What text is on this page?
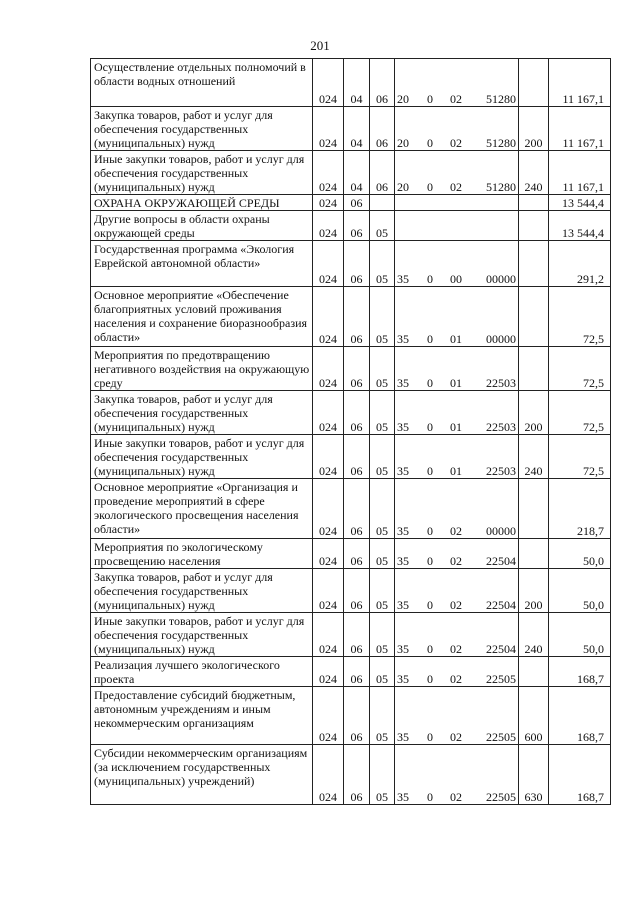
201
Осуществление отдельных полномочий в области водных отношений	024	04	06	20 0 02 51280		11 167,1
Закупка товаров, работ и услуг для обеспечения государственных (муниципальных) нужд	024	04	06	20 0 02 51280	200	11 167,1
Иные закупки товаров, работ и услуг для обеспечения государственных (муниципальных) нужд	024	04	06	20 0 02 51280	240	11 167,1
ОХРАНА ОКРУЖАЮЩЕЙ СРЕДЫ	024	06				13 544,4
Другие вопросы в области охраны окружающей среды	024	06	05			13 544,4
Государственная программа «Экология Еврейской автономной области»	024	06	05	35 0 00 00000		291,2
Основное мероприятие «Обеспечение благоприятных условий проживания населения и сохранение биоразнообразия области»	024	06	05	35 0 01 00000		72,5
Мероприятия по предотвращению негативного воздействия на окружающую среду	024	06	05	35 0 01 22503		72,5
Закупка товаров, работ и услуг для обеспечения государственных (муниципальных) нужд	024	06	05	35 0 01 22503	200	72,5
Иные закупки товаров, работ и услуг для обеспечения государственных (муниципальных) нужд	024	06	05	35 0 01 22503	240	72,5
Основное мероприятие «Организация и проведение мероприятий в сфере экологического просвещения населения области»	024	06	05	35 0 02 00000		218,7
Мероприятия по экологическому просвещению населения	024	06	05	35 0 02 22504		50,0
Закупка товаров, работ и услуг для обеспечения государственных (муниципальных) нужд	024	06	05	35 0 02 22504	200	50,0
Иные закупки товаров, работ и услуг для обеспечения государственных (муниципальных) нужд	024	06	05	35 0 02 22504	240	50,0
Реализация лучшего экологического проекта	024	06	05	35 0 02 22505		168,7
Предоставление субсидий бюджетным, автономным учреждениям и иным некоммерческим организациям	024	06	05	35 0 02 22505	600	168,7
Субсидии некоммерческим организациям (за исключением государственных (муниципальных) учреждений)	024	06	05	35 0 02 22505	630	168,7
